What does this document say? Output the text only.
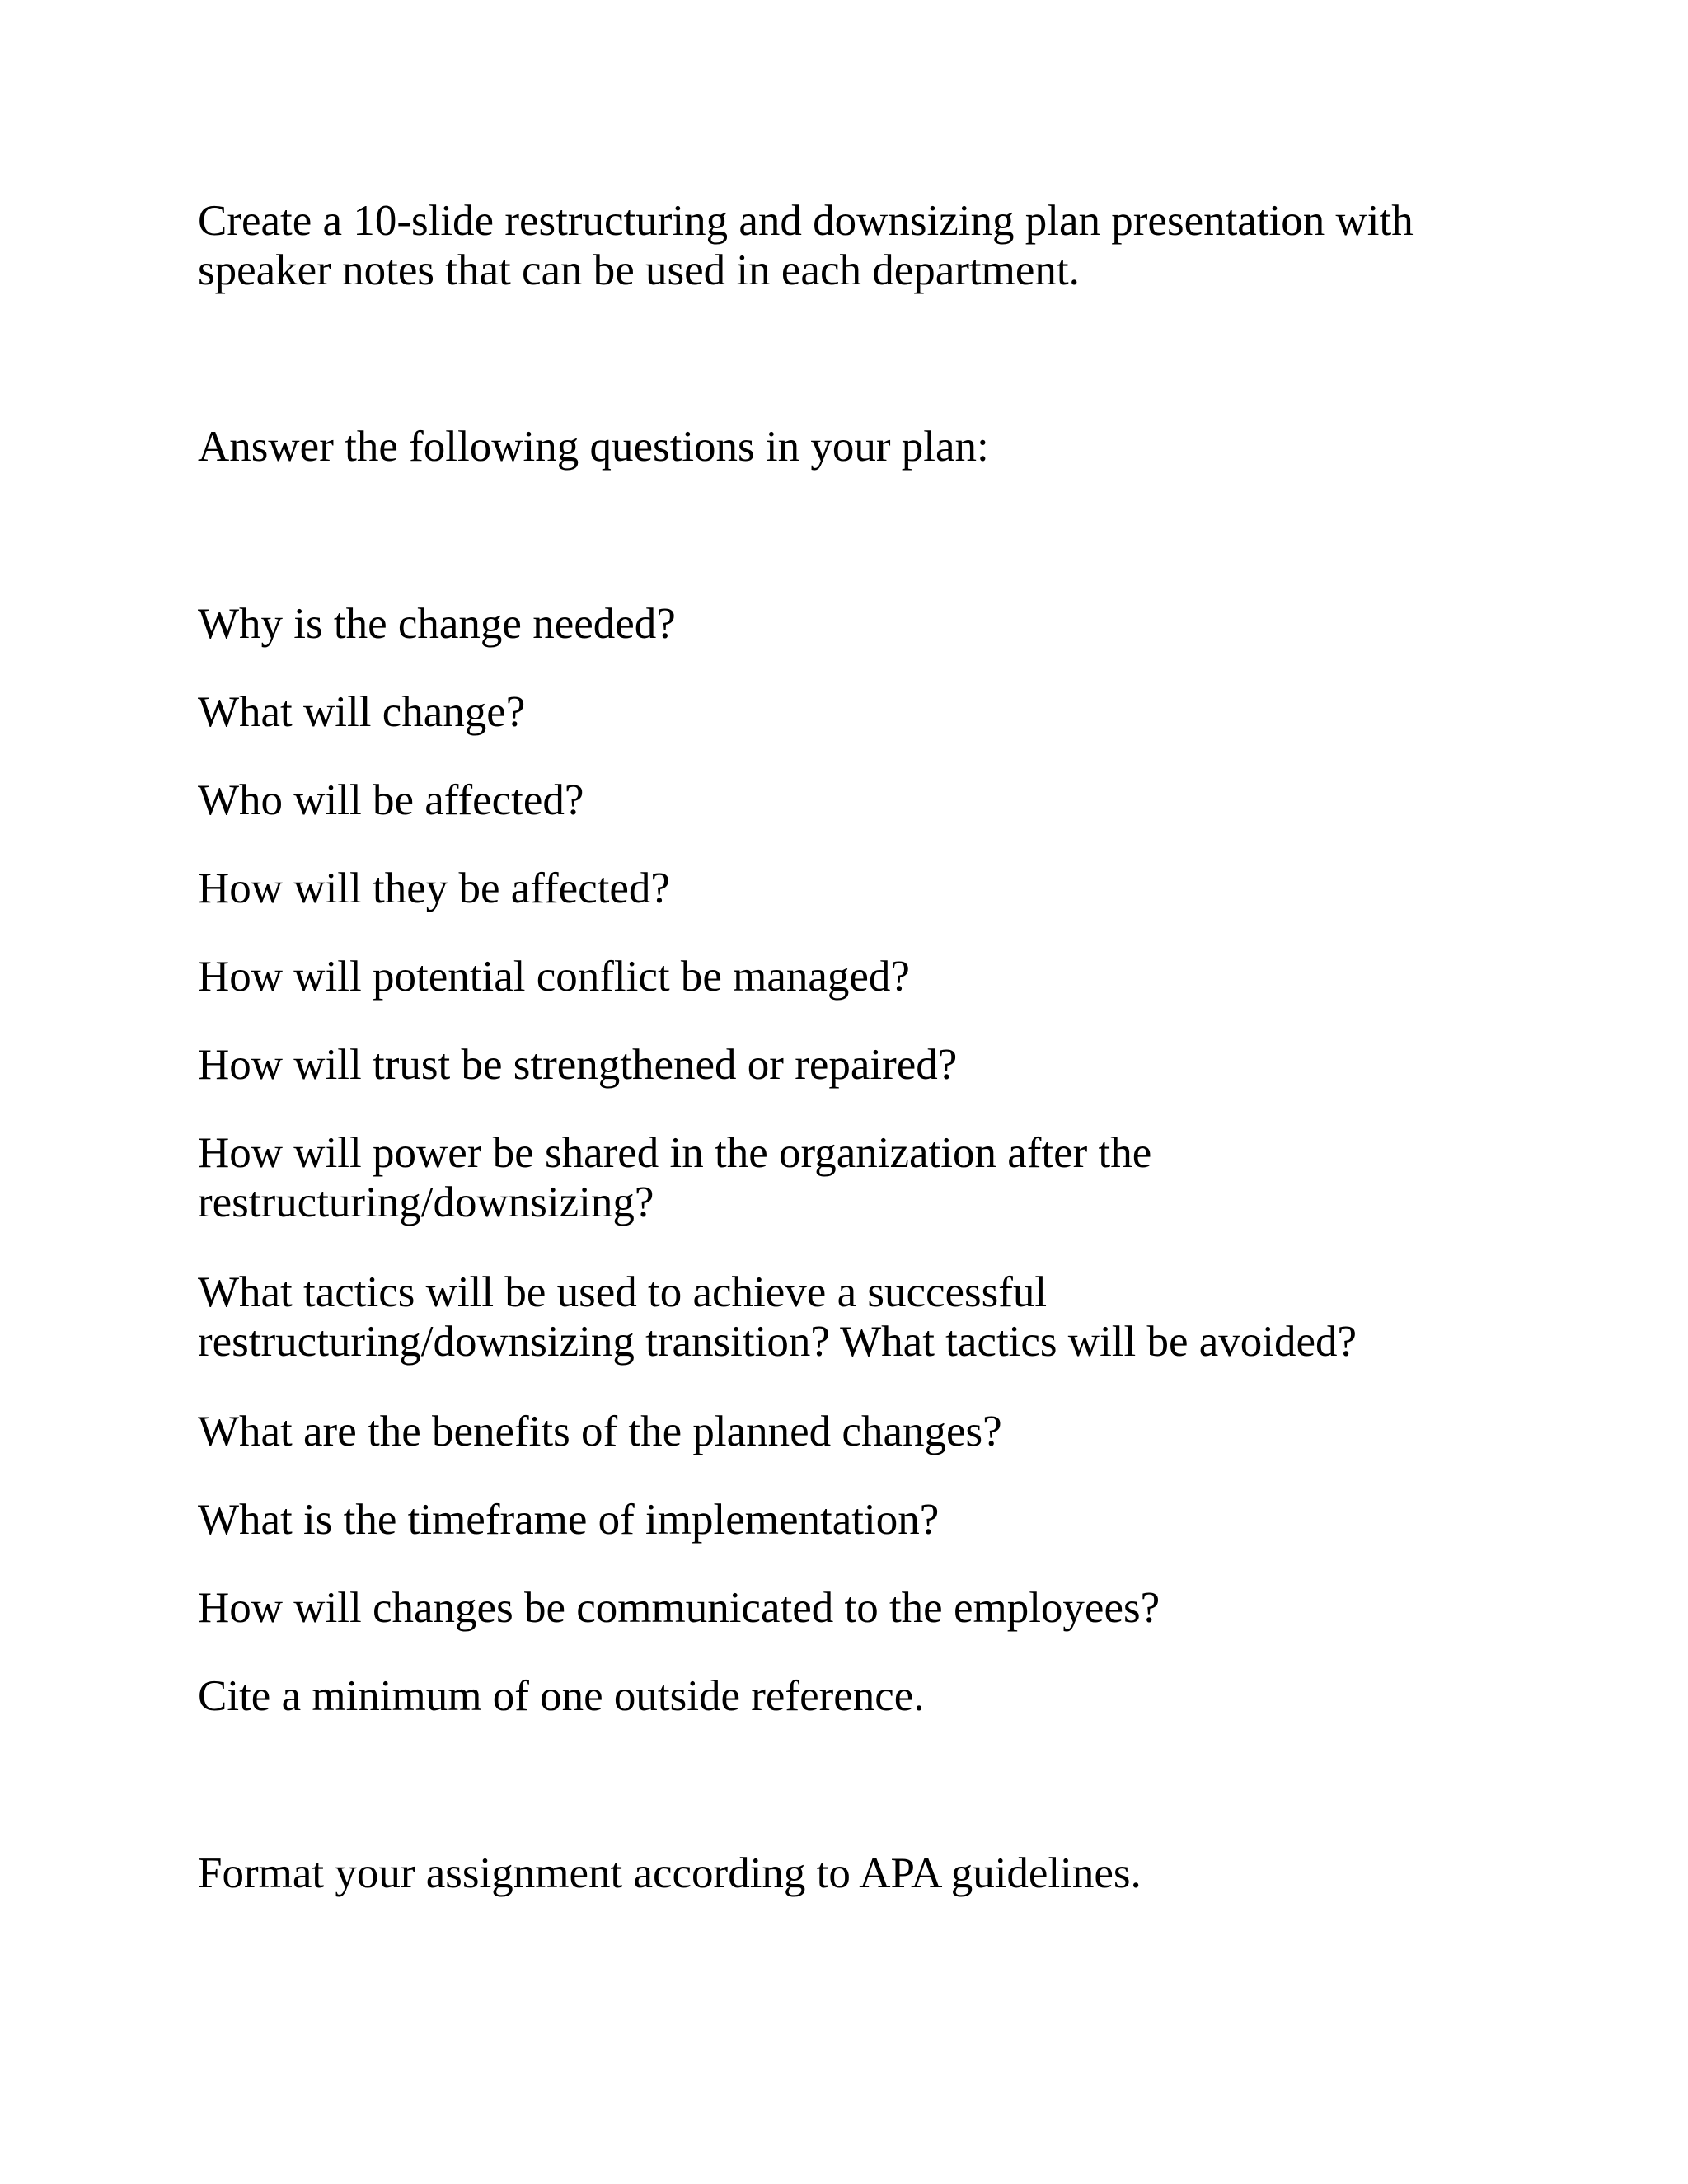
Create a 10-slide restructuring and downsizing plan presentation with

speaker notes that can be used in each department.

Answer the following questions in your plan:

Why is the change needed?

What will change?

Who will be affected?

How will they be affected?

How will potential conflict be managed?

How will trust be strengthened or repaired?

How will power be shared in the organization after the

restructuring/downsizing?

What tactics will be used to achieve a successful

restructuring/downsizing transition? What tactics will be avoided?

What are the benefits of the planned changes?

What is the timeframe of implementation?

How will changes be communicated to the employees?

Cite a minimum of one outside reference.

Format your assignment according to APA guidelines.
